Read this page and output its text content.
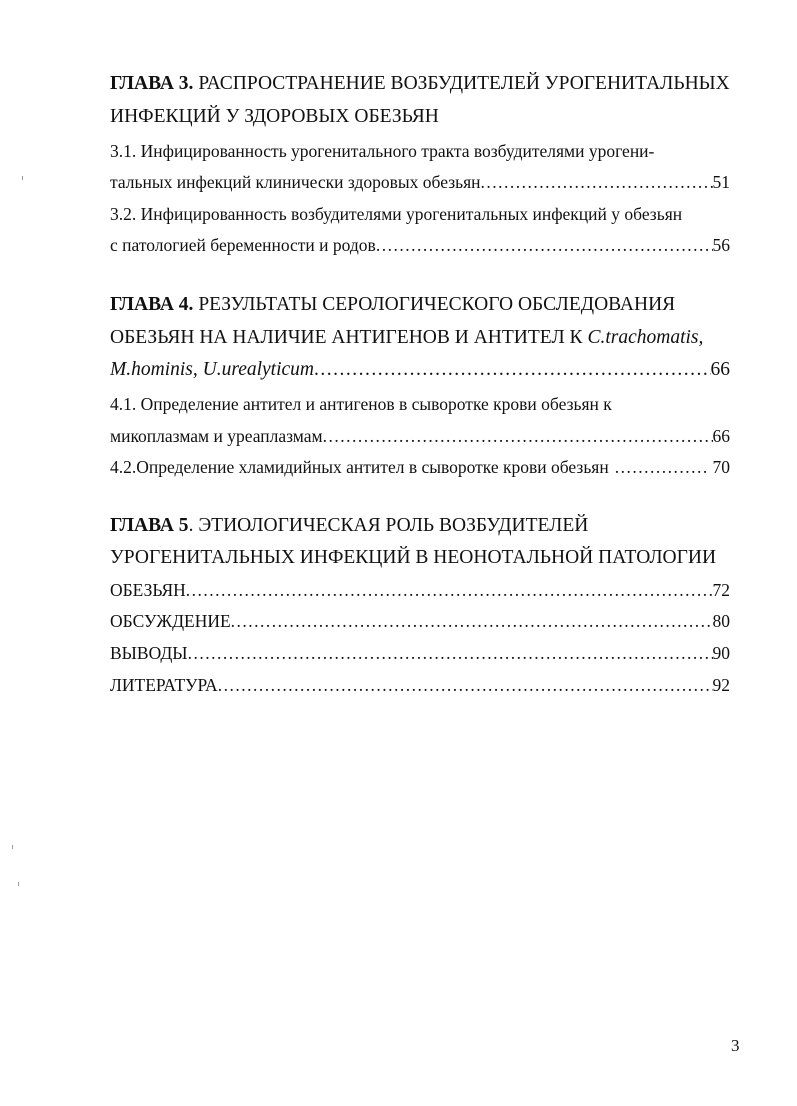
ГЛАВА 3. РАСПРОСТРАНЕНИЕ ВОЗБУДИТЕЛЕЙ УРОГЕНИТАЛЬНЫХ
ИНФЕКЦИЙ У ЗДОРОВЫХ ОБЕЗЬЯН
3.1. Инфицированность урогенитального тракта возбудителями урогени-
тальных инфекций клинически здоровых обезьян .....	51
3.2. Инфицированность возбудителями урогенитальных инфекций у обезьян
с патологией беременности и родов .....	56
ГЛАВА 4. РЕЗУЛЬТАТЫ СЕРОЛОГИЧЕСКОГО ОБСЛЕДОВАНИЯ
ОБЕЗЬЯН НА НАЛИЧИЕ АНТИГЕНОВ И АНТИТЕЛ К C.trachomatis,
M.hominis, U.urealyticum .....	66
4.1. Определение антител и антигенов в сыворотке крови обезьян к
микоплазмам и уреаплазмам .....	66
4.2.Определение хламидийных антител в сыворотке крови обезьян .....	70
ГЛАВА 5. ЭТИОЛОГИЧЕСКАЯ РОЛЬ ВОЗБУДИТЕЛЕЙ
УРОГЕНИТАЛЬНЫХ ИНФЕКЦИЙ В НЕОНОТАЛЬНОЙ ПАТОЛОГИИ
ОБЕЗЬЯН .....	72
ОБСУЖДЕНИЕ .....	80
ВЫВОДЫ .....	90
ЛИТЕРАТУРА .....	92
3
